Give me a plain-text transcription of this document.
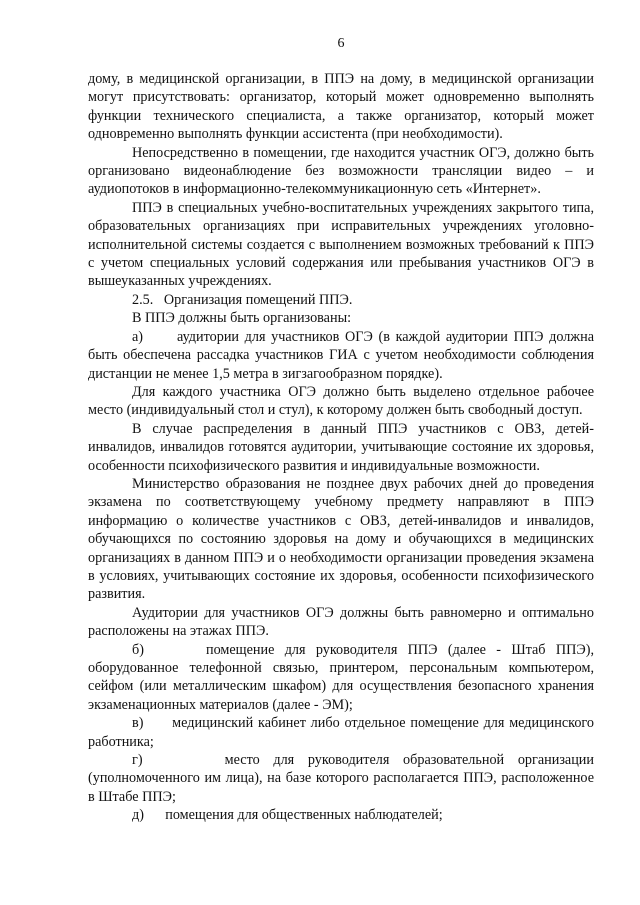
6

дому, в медицинской организации, в ППЭ на дому, в медицинской организации могут присутствовать: организатор, который может одновременно выполнять функции технического специалиста, а также организатор, который может одновременно выполнять функции ассистента (при необходимости).

Непосредственно в помещении, где находится участник ОГЭ, должно быть организовано видеонаблюдение без возможности трансляции видео – и аудиопотоков в информационно-телекоммуникационную сеть «Интернет».

ППЭ в специальных учебно-воспитательных учреждениях закрытого типа, образовательных организациях при исправительных учреждениях уголовно-исполнительной системы создается с выполнением возможных требований к ППЭ с учетом специальных условий содержания или пребывания участников ОГЭ в вышеуказанных учреждениях.

2.5.   Организация помещений ППЭ.

В ППЭ должны быть организованы:

а)      аудитории для участников ОГЭ (в каждой аудитории ППЭ должна быть обеспечена рассадка участников ГИА с учетом необходимости соблюдения дистанции не менее 1,5 метра в зигзагообразном порядке).

Для каждого участника ОГЭ должно быть выделено отдельное рабочее место (индивидуальный стол и стул), к которому должен быть свободный доступ.

В случае распределения в данный ППЭ участников с ОВЗ, детей-инвалидов, инвалидов готовятся аудитории, учитывающие состояние их здоровья, особенности психофизического развития и индивидуальные возможности.

Министерство образования не позднее двух рабочих дней до проведения экзамена по соответствующему учебному предмету направляют в ППЭ информацию о количестве участников с ОВЗ, детей-инвалидов и инвалидов, обучающихся по состоянию здоровья на дому и обучающихся в медицинских организациях в данном ППЭ и о необходимости организации проведения экзамена в условиях, учитывающих состояние их здоровья, особенности психофизического развития.

Аудитории для участников ОГЭ должны быть равномерно и оптимально расположены на этажах ППЭ.

б)      помещение для руководителя ППЭ (далее - Штаб ППЭ), оборудованное телефонной связью, принтером, персональным компьютером, сейфом (или металлическим шкафом) для осуществления безопасного хранения экзаменационных материалов (далее - ЭМ);

в)      медицинский кабинет либо отдельное помещение для медицинского работника;

г)      место для руководителя образовательной организации (уполномоченного им лица), на базе которого располагается ППЭ, расположенное в Штабе ППЭ;

д)      помещения для общественных наблюдателей;
